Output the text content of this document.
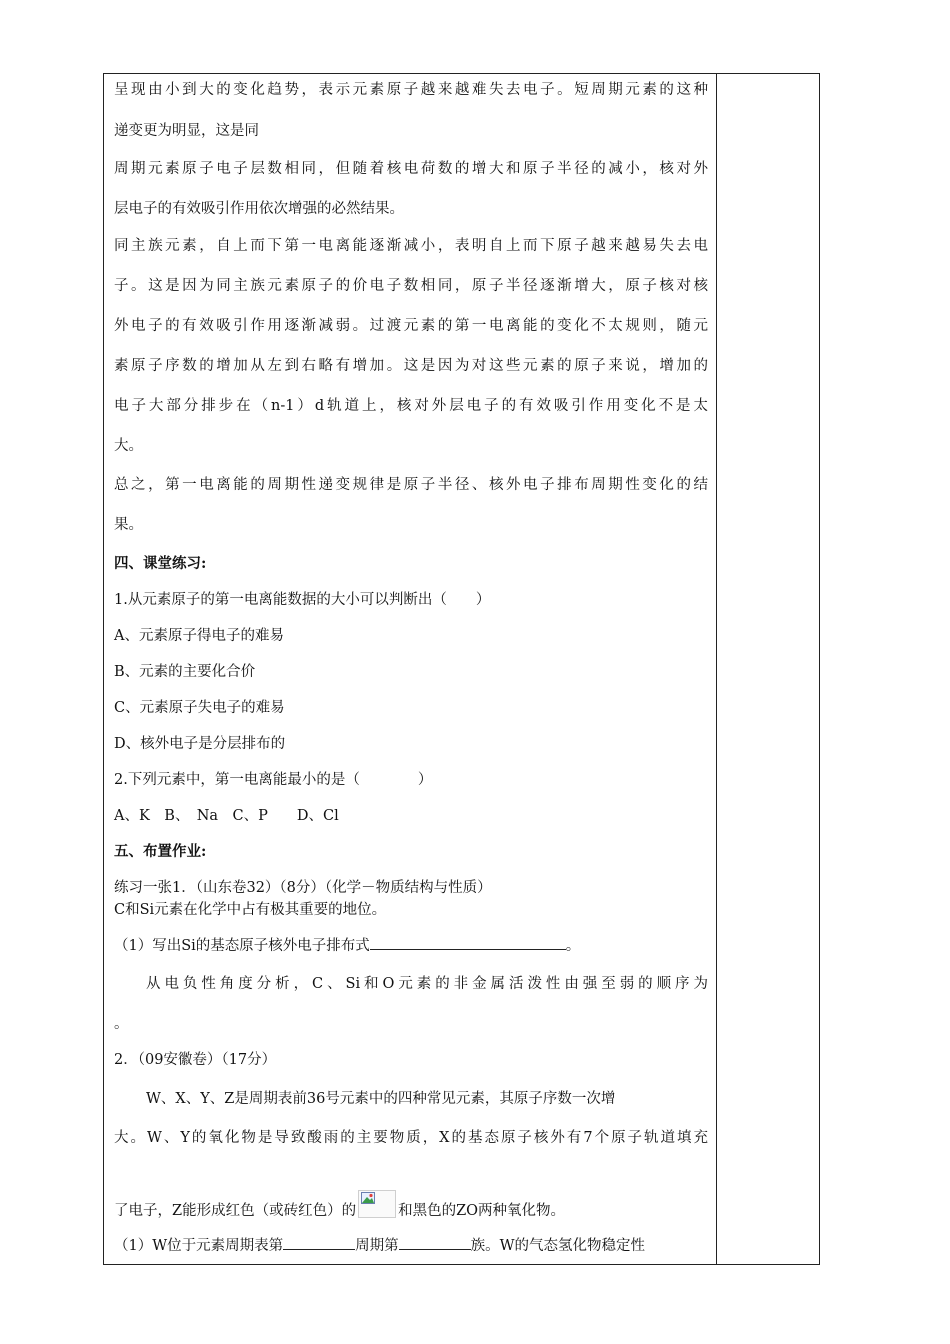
呈现由小到大的变化趋势，表示元素原子越来越难失去电子。短周期元素的这种
递变更为明显，这是同
周期元素原子电子层数相同，但随着核电荷数的增大和原子半径的减小，核对外
层电子的有效吸引作用依次增强的必然结果。
同主族元素，自上而下第一电离能逐渐减小，表明自上而下原子越来越易失去电
子。这是因为同主族元素原子的价电子数相同，原子半径逐渐增大，原子核对核
外电子的有效吸引作用逐渐减弱。过渡元素的第一电离能的变化不太规则，随元
素原子序数的增加从左到右略有增加。这是因为对这些元素的原子来说，增加的
电子大部分排步在（n-1）d轨道上，核对外层电子的有效吸引作用变化不是太
大。
总之，第一电离能的周期性递变规律是原子半径、核外电子排布周期性变化的结
果。
四、课堂练习:
1.从元素原子的第一电离能数据的大小可以判断出（　　）
A、元素原子得电子的难易
B、元素的主要化合价
C、元素原子失电子的难易
D、核外电子是分层排布的
2.下列元素中，第一电离能最小的是（　　　　）
A、K　B、　Na　C、P　　D、Cl
五、布置作业:
练习一张1．（山东卷32）（8分）（化学－物质结构与性质）
C和Si元素在化学中占有极其重要的地位。
（1）写出Si的基态原子核外电子排布式	。
从电负性角度分析，C、Si和O元素的非金属活泼性由强至弱的顺序为
。
2．（09安徽卷）（17分）
W、X、Y、Z是周期表前36号元素中的四种常见元素，其原子序数一次增
大。W、Y的氧化物是导致酸雨的主要物质，X的基态原子核外有7个原子轨道填充
了电子，Z能形成红色（或砖红色）的	和黑色的ZO两种氧化物。
（1）W位于元素周期表第	周期第	族。W的气态氢化物稳定性
